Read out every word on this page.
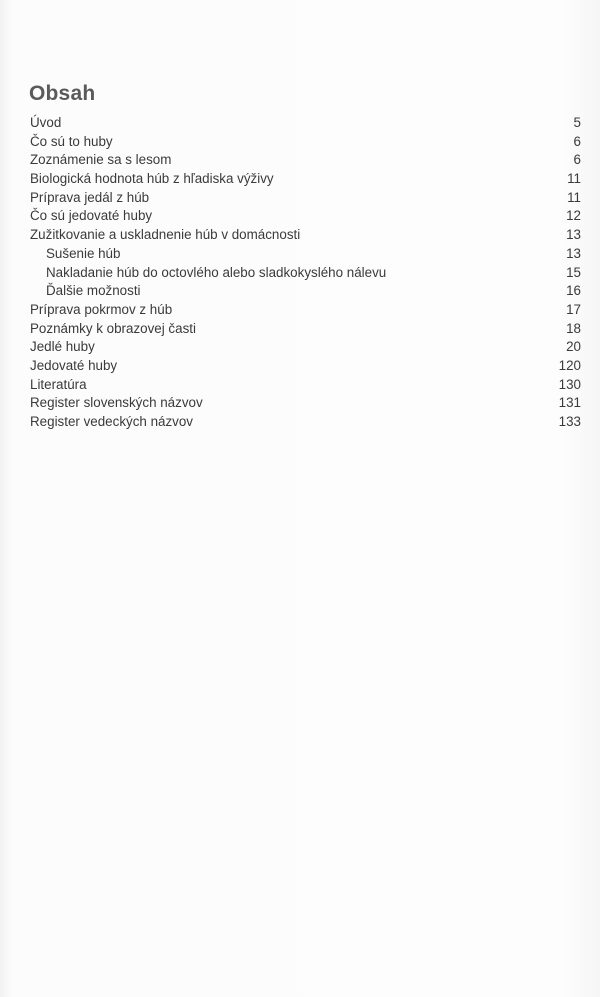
Obsah
Úvod	5
Čo sú to huby	6
Zoznámenie sa s lesom	6
Biologická hodnota húb z hľadiska výživy	11
Príprava jedál z húb	11
Čo sú jedovaté huby	12
Zužitkovanie a uskladnenie húb v domácnosti	13
Sušenie húb	13
Nakladanie húb do octovlého alebo sladkokyslého nálevu	15
Ďalšie možnosti	16
Príprava pokrmov z húb	17
Poznámky k obrazovej časti	18
Jedlé huby	20
Jedovaté huby	120
Literatúra	130
Register slovenských názvov	131
Register vedeckých názvov	133
